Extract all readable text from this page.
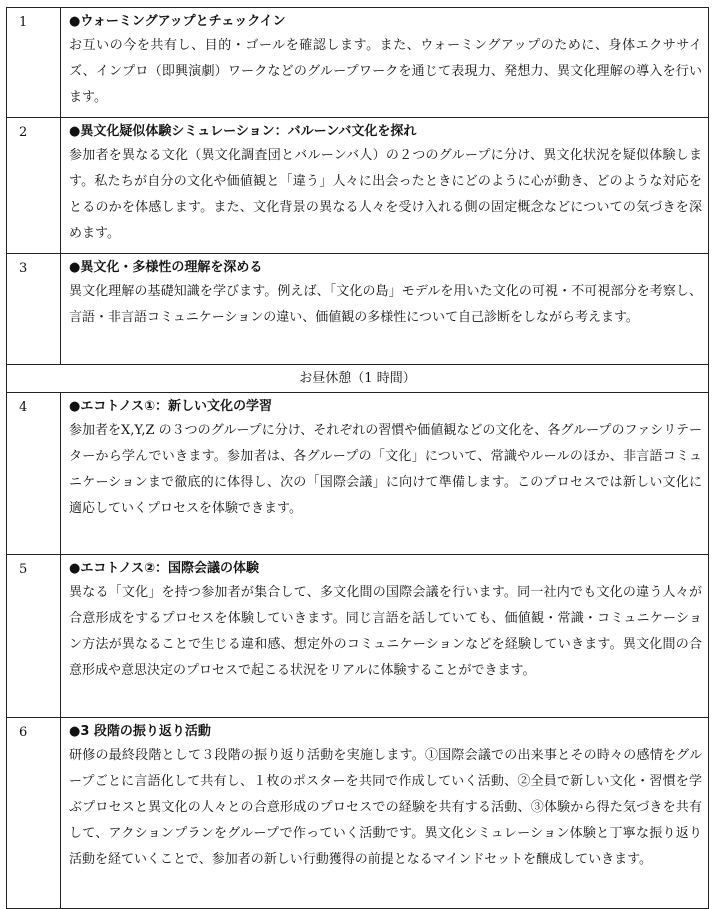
1	●ウォーミングアップとチェックイン
お互いの今を共有し、目的・ゴールを確認します。また、ウォーミングアップのために、身体エクササイズ、インプロ（即興演劇）ワークなどのグループワークを通じて表現力、発想力、異文化理解の導入を行います。

2	●異文化疑似体験シミュレーション：バルーンバ文化を探れ
参加者を異なる文化（異文化調査団とバルーンバ人）の２つのグループに分け、異文化状況を疑似体験します。私たちが自分の文化や価値観と「違う」人々に出会ったときにどのように心が動き、どのような対応をとるのかを体感します。また、文化背景の異なる人々を受け入れる側の固定概念などについての気づきを深めます。

3	●異文化・多様性の理解を深める
異文化理解の基礎知識を学びます。例えば、「文化の島」モデルを用いた文化の可視・不可視部分を考察し、言語・非言語コミュニケーションの違い、価値観の多様性について自己診断をしながら考えます。

お昼休憩（1 時間）	
4	●エコトノス①：新しい文化の学習
参加者をX,Y,Z の３つのグループに分け、それぞれの習慣や価値観などの文化を、各グループのファシリテーターから学んでいきます。参加者は、各グループの「文化」について、常識やルールのほか、非言語コミュニケーションまで徹底的に体得し、次の「国際会議」に向けて準備します。このプロセスでは新しい文化に適応していくプロセスを体験できます。

5	●エコトノス②：国際会議の体験
異なる「文化」を持つ参加者が集合して、多文化間の国際会議を行います。同一社内でも文化の違う人々が合意形成をするプロセスを体験していきます。同じ言語を話していても、価値観・常識・コミュニケーション方法が異なることで生じる違和感、想定外のコミュニケーションなどを経験していきます。異文化間の合意形成や意思決定のプロセスで起こる状況をリアルに体験することができます。

6	●3 段階の振り返り活動
研修の最終段階として３段階の振り返り活動を実施します。①国際会議での出来事とその時々の感情をグループごとに言語化して共有し、１枚のポスターを共同で作成していく活動、②全員で新しい文化・習慣を学ぶプロセスと異文化の人々との合意形成のプロセスでの経験を共有する活動、③体験から得た気づきを共有して、アクションプランをグループで作っていく活動です。異文化シミュレーション体験と丁寧な振り返り活動を経ていくことで、参加者の新しい行動獲得の前提となるマインドセットを醸成していきます。
